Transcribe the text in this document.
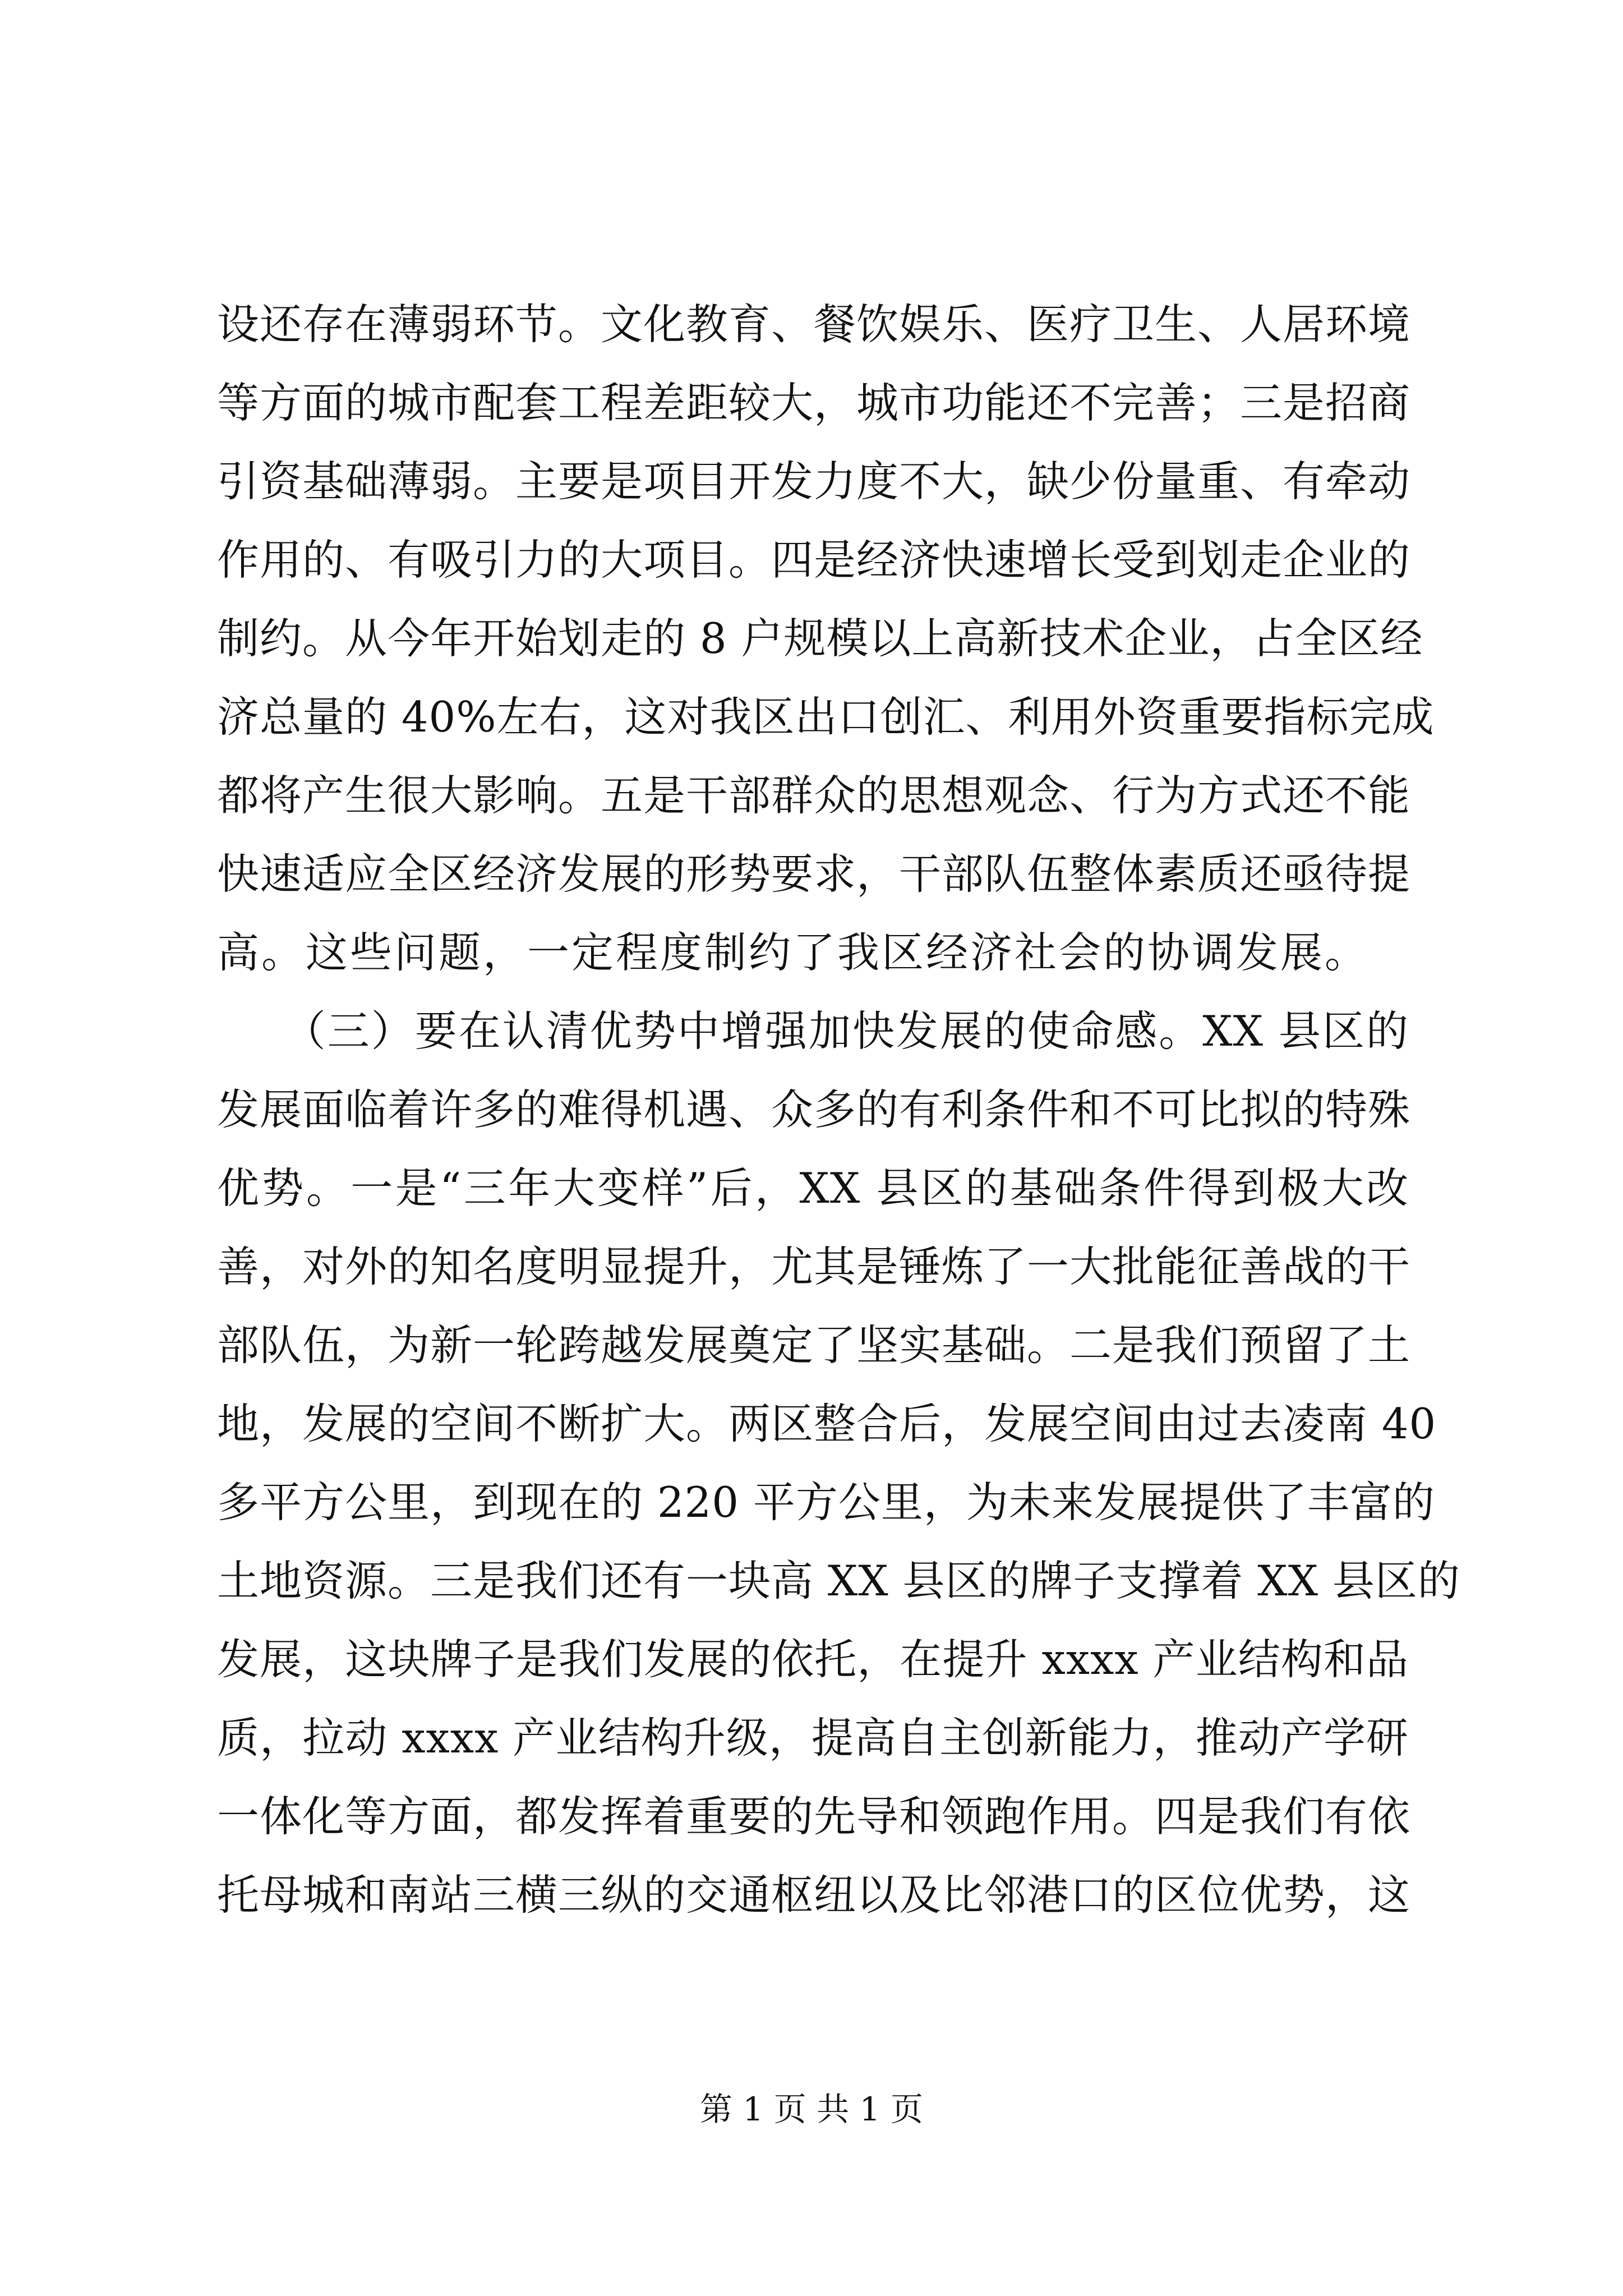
设还存在薄弱环节。文化教育、餐饮娱乐、医疗卫生、人居环境
等方面的城市配套工程差距较大，城市功能还不完善；三是招商
引资基础薄弱。主要是项目开发力度不大，缺少份量重、有牵动
作用的、有吸引力的大项目。四是经济快速增长受到划走企业的
制约。从今年开始划走的 8 户规模以上高新技术企业，占全区经
济总量的 40%左右，这对我区出口创汇、利用外资重要指标完成
都将产生很大影响。五是干部群众的思想观念、行为方式还不能
快速适应全区经济发展的形势要求，干部队伍整体素质还亟待提
高。这些问题，一定程度制约了我区经济社会的协调发展。
　　（三）要在认清优势中增强加快发展的使命感。XX 县区的
发展面临着许多的难得机遇、众多的有利条件和不可比拟的特殊
优势。一是“三年大变样”后，XX 县区的基础条件得到极大改
善，对外的知名度明显提升，尤其是锤炼了一大批能征善战的干
部队伍，为新一轮跨越发展奠定了坚实基础。二是我们预留了土
地，发展的空间不断扩大。两区整合后，发展空间由过去凌南 40
多平方公里，到现在的 220 平方公里，为未来发展提供了丰富的
土地资源。三是我们还有一块高 XX 县区的牌子支撑着 XX 县区的
发展，这块牌子是我们发展的依托，在提升 xxxx 产业结构和品
质，拉动 xxxx 产业结构升级，提高自主创新能力，推动产学研
一体化等方面，都发挥着重要的先导和领跑作用。四是我们有依
托母城和南站三横三纵的交通枢纽以及比邻港口的区位优势，这
第 1 页 共 1 页
